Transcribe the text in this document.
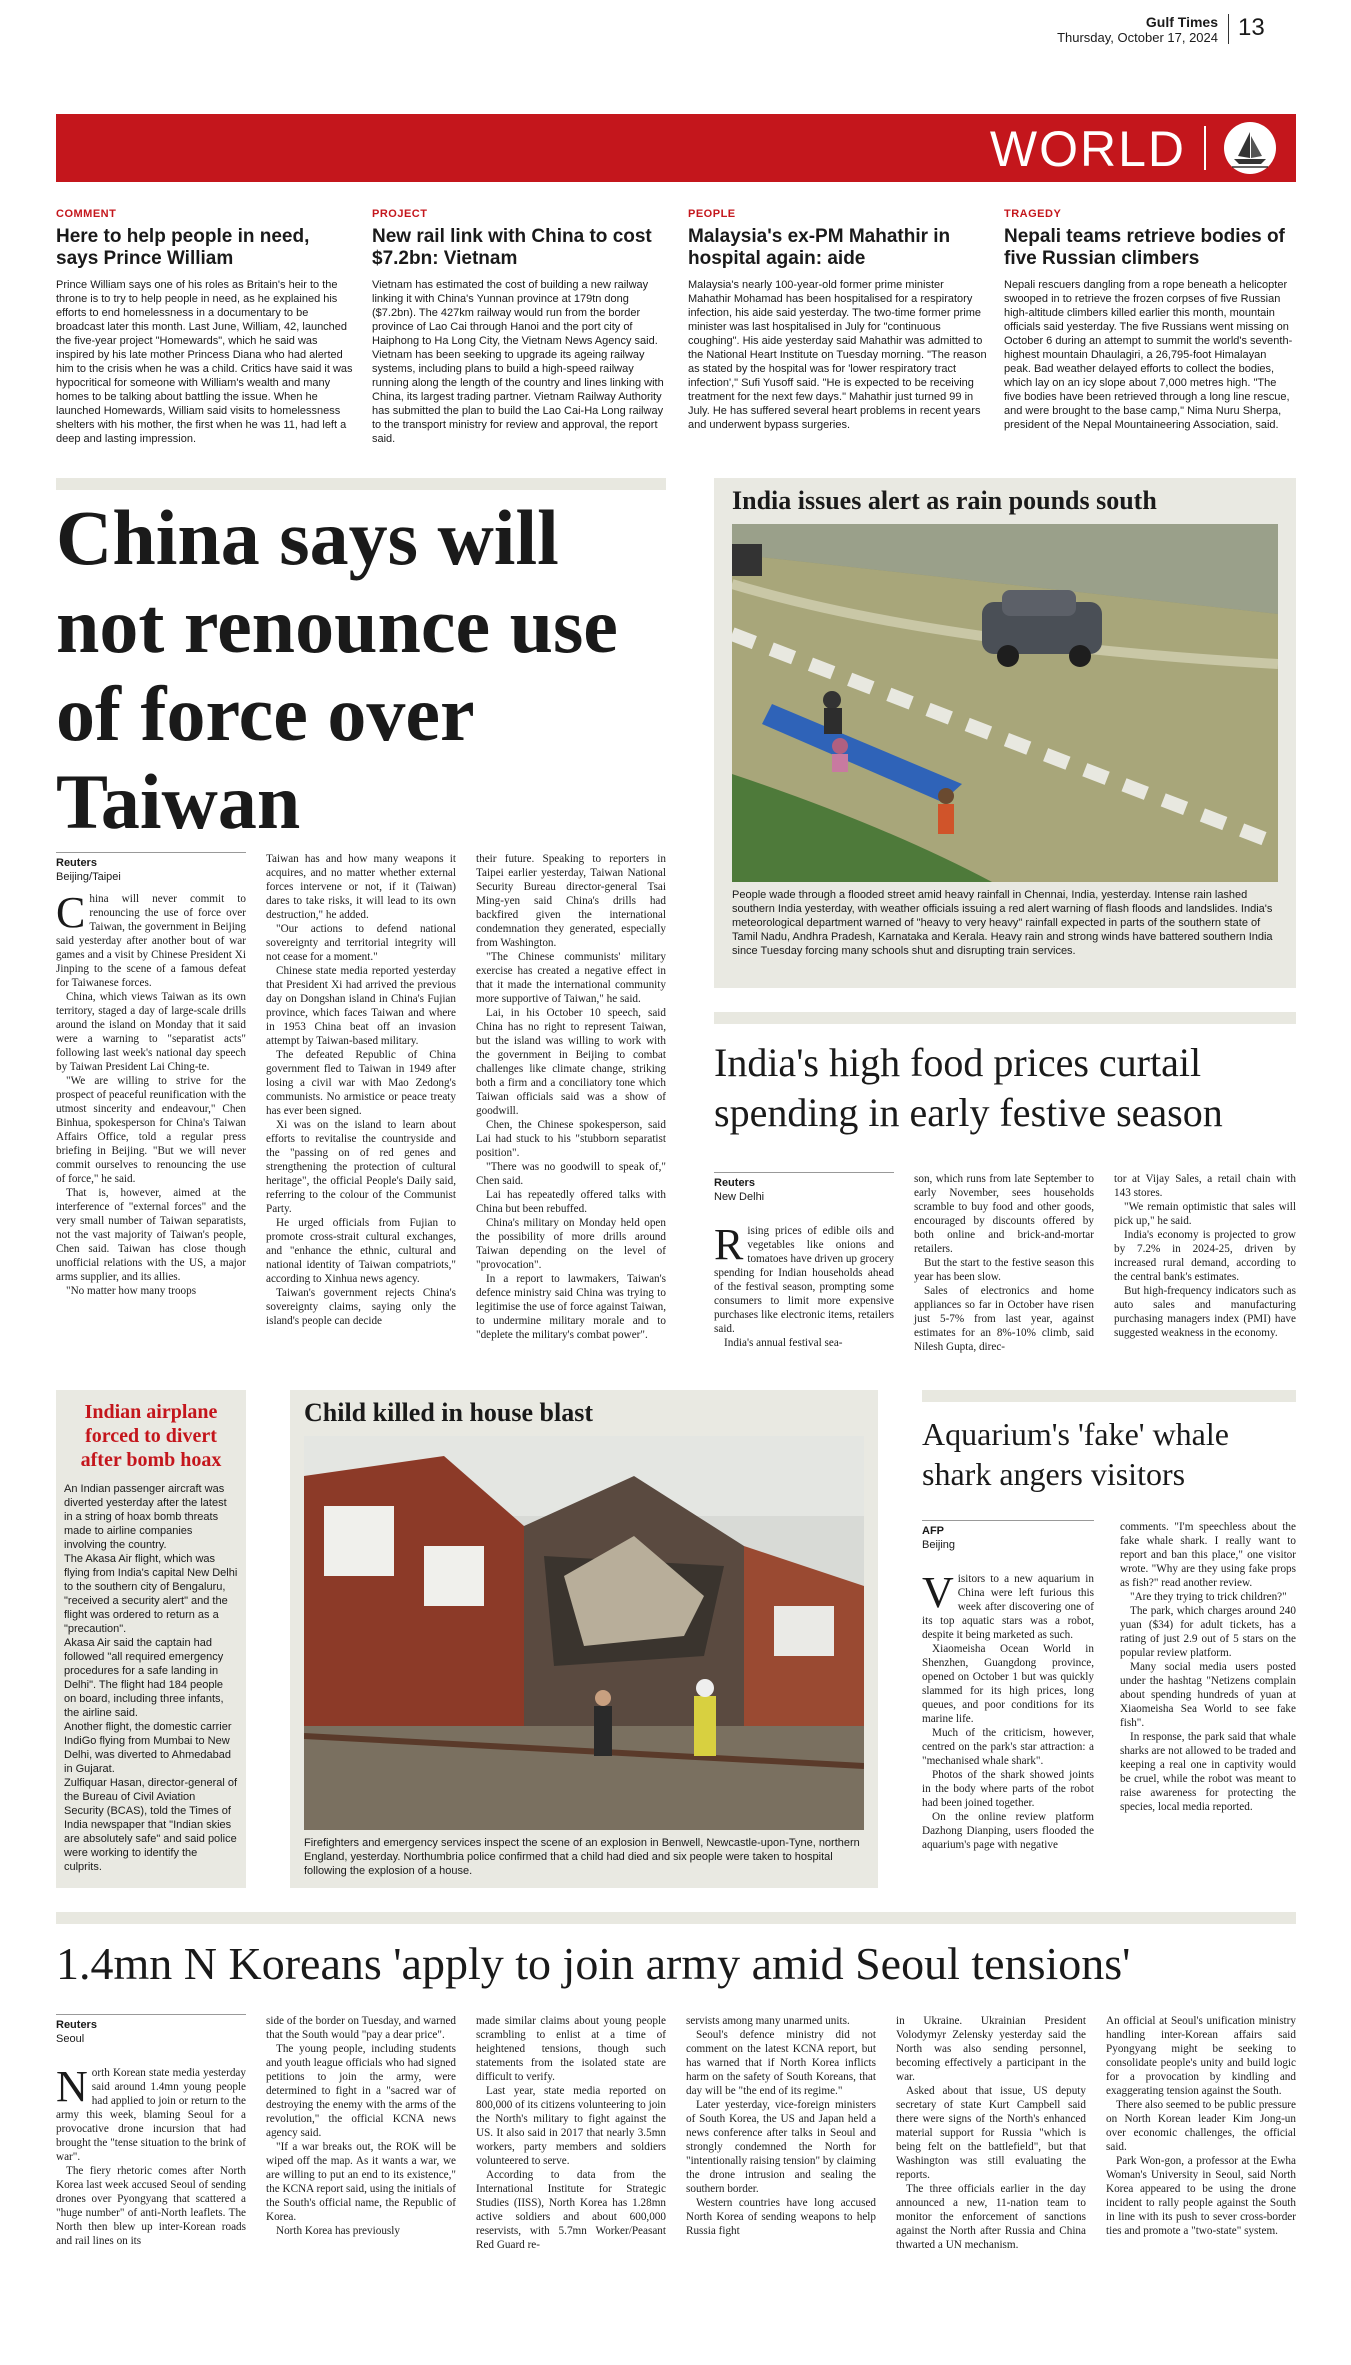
Gulf Times
Thursday, October 17, 2024 13
WORLD
COMMENT
Here to help people in need, says Prince William
Prince William says one of his roles as Britain's heir to the throne is to try to help people in need, as he explained his efforts to end homelessness in a documentary to be broadcast later this month. Last June, William, 42, launched the five-year project "Homewards", which he said was inspired by his late mother Princess Diana who had alerted him to the crisis when he was a child. Critics have said it was hypocritical for someone with William's wealth and many homes to be talking about battling the issue. When he launched Homewards, William said visits to homelessness shelters with his mother, the first when he was 11, had left a deep and lasting impression.
PROJECT
New rail link with China to cost $7.2bn: Vietnam
Vietnam has estimated the cost of building a new railway linking it with China's Yunnan province at 179tn dong ($7.2bn). The 427km railway would run from the border province of Lao Cai through Hanoi and the port city of Haiphong to Ha Long City, the Vietnam News Agency said. Vietnam has been seeking to upgrade its ageing railway systems, including plans to build a high-speed railway running along the length of the country and lines linking with China, its largest trading partner. Vietnam Railway Authority has submitted the plan to build the Lao Cai-Ha Long railway to the transport ministry for review and approval, the report said.
PEOPLE
Malaysia's ex-PM Mahathir in hospital again: aide
Malaysia's nearly 100-year-old former prime minister Mahathir Mohamad has been hospitalised for a respiratory infection, his aide said yesterday. The two-time former prime minister was last hospitalised in July for "continuous coughing". His aide yesterday said Mahathir was admitted to the National Heart Institute on Tuesday morning. "The reason as stated by the hospital was for 'lower respiratory tract infection'," Sufi Yusoff said. "He is expected to be receiving treatment for the next few days." Mahathir just turned 99 in July. He has suffered several heart problems in recent years and underwent bypass surgeries.
TRAGEDY
Nepali teams retrieve bodies of five Russian climbers
Nepali rescuers dangling from a rope beneath a helicopter swooped in to retrieve the frozen corpses of five Russian high-altitude climbers killed earlier this month, mountain officials said yesterday. The five Russians went missing on October 6 during an attempt to summit the world's seventh-highest mountain Dhaulagiri, a 26,795-foot Himalayan peak. Bad weather delayed efforts to collect the bodies, which lay on an icy slope about 7,000 metres high. "The five bodies have been retrieved through a long line rescue, and were brought to the base camp," Nima Nuru Sherpa, president of the Nepal Mountaineering Association, said.
China says will not renounce use of force over Taiwan
Reuters
Beijing/Taipei

China will never commit to renouncing the use of force over Taiwan, the government in Beijing said yesterday after another bout of war games and a visit by Chinese President Xi Jinping to the scene of a famous defeat for Taiwanese forces.

China, which views Taiwan as its own territory, staged a day of large-scale drills around the island on Monday that it said were a warning to "separatist acts" following last week's national day speech by Taiwan President Lai Ching-te.

"We are willing to strive for the prospect of peaceful reunification with the utmost sincerity and endeavour," Chen Binhua, spokesperson for China's Taiwan Affairs Office, told a regular press briefing in Beijing. "But we will never commit ourselves to renouncing the use of force," he said.

That is, however, aimed at the interference of "external forces" and the very small number of Taiwan separatists, not the vast majority of Taiwan's people, Chen said. Taiwan has close though unofficial relations with the US, a major arms supplier, and its allies.

"No matter how many troops

Taiwan has and how many weapons it acquires, and no matter whether external forces intervene or not, if it (Taiwan) dares to take risks, it will lead to its own destruction," he added.

"Our actions to defend national sovereignty and territorial integrity will not cease for a moment."

Chinese state media reported yesterday that President Xi had arrived the previous day on Dongshan island in China's Fujian province, which faces Taiwan and where in 1953 China beat off an invasion attempt by Taiwan-based military.

The defeated Republic of China government fled to Taiwan in 1949 after losing a civil war with Mao Zedong's communists. No armistice or peace treaty has ever been signed.

Xi was on the island to learn about efforts to revitalise the countryside and the "passing on of red genes and strengthening the protection of cultural heritage", the official People's Daily said, referring to the colour of the Communist Party.

He urged officials from Fujian to promote cross-strait cultural exchanges, and "enhance the ethnic, cultural and national identity of Taiwan compatriots," according to Xinhua news agency.

Taiwan's government rejects China's sovereignty claims, saying only the island's people can decide

their future. Speaking to reporters in Taipei earlier yesterday, Taiwan National Security Bureau director-general Tsai Ming-yen said China's drills had backfired given the international condemnation they generated, especially from Washington.

"The Chinese communists' military exercise has created a negative effect in that it made the international community more supportive of Taiwan," he said.

Lai, in his October 10 speech, said China has no right to represent Taiwan, but the island was willing to work with the government in Beijing to combat challenges like climate change, striking both a firm and a conciliatory tone which Taiwan officials said was a show of goodwill.

Chen, the Chinese spokesperson, said Lai had stuck to his "stubborn separatist position".

"There was no goodwill to speak of," Chen said.

Lai has repeatedly offered talks with China but been rebuffed.

China's military on Monday held open the possibility of more drills around Taiwan depending on the level of "provocation".

In a report to lawmakers, Taiwan's defence ministry said China was trying to legitimise the use of force against Taiwan, to undermine military morale and to "deplete the military's combat power".

India issues alert as rain pounds south
People wade through a flooded street amid heavy rainfall in Chennai, India, yesterday. Intense rain lashed southern India yesterday, with weather officials issuing a red alert warning of flash floods and landslides. India's meteorological department warned of "heavy to very heavy" rainfall expected in parts of the southern state of Tamil Nadu, Andhra Pradesh, Karnataka and Kerala. Heavy rain and strong winds have battered southern India since Tuesday forcing many schools shut and disrupting train services.
India's high food prices curtail spending in early festive season
Reuters
New Delhi

Rising prices of edible oils and vegetables like onions and tomatoes have driven up grocery spending for Indian households ahead of the festival season, prompting some consumers to limit more expensive purchases like electronic items, retailers said.

India's annual festival sea-

son, which runs from late September to early November, sees households scramble to buy food and other goods, encouraged by discounts offered by both online and brick-and-mortar retailers.

But the start to the festive season this year has been slow.

Sales of electronics and home appliances so far in October have risen just 5-7% from last year, against estimates for an 8%-10% climb, said Nilesh Gupta, direc-

tor at Vijay Sales, a retail chain with 143 stores.

"We remain optimistic that sales will pick up," he said.

India's economy is projected to grow by 7.2% in 2024-25, driven by increased rural demand, according to the central bank's estimates.

But high-frequency indicators such as auto sales and manufacturing purchasing managers index (PMI) have suggested weakness in the economy.

Indian airplane forced to divert after bomb hoax

An Indian passenger aircraft was diverted yesterday after the latest in a string of hoax bomb threats made to airline companies involving the country.

The Akasa Air flight, which was flying from India's capital New Delhi to the southern city of Bengaluru, "received a security alert" and the flight was ordered to return as a "precaution".

Akasa Air said the captain had followed "all required emergency procedures for a safe landing in Delhi". The flight had 184 people on board, including three infants, the airline said.

Another flight, the domestic carrier IndiGo flying from Mumbai to New Delhi, was diverted to Ahmedabad in Gujarat.

Zulfiquar Hasan, director-general of the Bureau of Civil Aviation Security (BCAS), told the Times of India newspaper that "Indian skies are absolutely safe" and said police were working to identify the culprits.

Child killed in house blast
Firefighters and emergency services inspect the scene of an explosion in Benwell, Newcastle-upon-Tyne, northern England, yesterday. Northumbria police confirmed that a child had died and six people were taken to hospital following the explosion of a house.
Aquarium's 'fake' whale shark angers visitors
AFP
Beijing

Visitors to a new aquarium in China were left furious this week after discovering one of its top aquatic stars was a robot, despite it being marketed as such.

Xiaomeisha Ocean World in Shenzhen, Guangdong province, opened on October 1 but was quickly slammed for its high prices, long queues, and poor conditions for its marine life.

Much of the criticism, however, centred on the park's star attraction: a "mechanised whale shark".

Photos of the shark showed joints in the body where parts of the robot had been joined together.

On the online review platform Dazhong Dianping, users flooded the aquarium's page with negative

comments. "I'm speechless about the fake whale shark. I really want to report and ban this place," one visitor wrote. "Why are they using fake props as fish?" read another review.

"Are they trying to trick children?"

The park, which charges around 240 yuan ($34) for adult tickets, has a rating of just 2.9 out of 5 stars on the popular review platform.

Many social media users posted under the hashtag "Netizens complain about spending hundreds of yuan at Xiaomeisha Sea World to see fake fish".

In response, the park said that whale sharks are not allowed to be traded and keeping a real one in captivity would be cruel, while the robot was meant to raise awareness for protecting the species, local media reported.

1.4mn N Koreans 'apply to join army amid Seoul tensions'
Reuters
Seoul

North Korean state media yesterday said around 1.4mn young people had applied to join or return to the army this week, blaming Seoul for a provocative drone incursion that had brought the "tense situation to the brink of war".

The fiery rhetoric comes after North Korea last week accused Seoul of sending drones over Pyongyang that scattered a "huge number" of anti-North leaflets. The North then blew up inter-Korean roads and rail lines on its

side of the border on Tuesday, and warned that the South would "pay a dear price".

The young people, including students and youth league officials who had signed petitions to join the army, were determined to fight in a "sacred war of destroying the enemy with the arms of the revolution," the official KCNA news agency said.

"If a war breaks out, the ROK will be wiped off the map. As it wants a war, we are willing to put an end to its existence," the KCNA report said, using the initials of the South's official name, the Republic of Korea.

North Korea has previously

made similar claims about young people scrambling to enlist at a time of heightened tensions, though such statements from the isolated state are difficult to verify.

Last year, state media reported on 800,000 of its citizens volunteering to join the North's military to fight against the US. It also said in 2017 that nearly 3.5mn workers, party members and soldiers volunteered to serve.

According to data from the International Institute for Strategic Studies (IISS), North Korea has 1.28mn active soldiers and about 600,000 reservists, with 5.7mn Worker/Peasant Red Guard re-

servists among many unarmed units.

Seoul's defence ministry did not comment on the latest KCNA report, but has warned that if North Korea inflicts harm on the safety of South Koreans, that day will be "the end of its regime."

Later yesterday, vice-foreign ministers of South Korea, the US and Japan held a news conference after talks in Seoul and strongly condemned the North for "intentionally raising tension" by claiming the drone intrusion and sealing the southern border.

Western countries have long accused North Korea of sending weapons to help Russia fight

in Ukraine. Ukrainian President Volodymyr Zelensky yesterday said the North was also sending personnel, becoming effectively a participant in the war.

Asked about that issue, US deputy secretary of state Kurt Campbell said there were signs of the North's enhanced material support for Russia "which is being felt on the battlefield", but that Washington was still evaluating the reports.

The three officials earlier in the day announced a new, 11-nation team to monitor the enforcement of sanctions against the North after Russia and China thwarted a UN mechanism.

An official at Seoul's unification ministry handling inter-Korean affairs said Pyongyang might be seeking to consolidate people's unity and build logic for a provocation by kindling and exaggerating tension against the South.

There also seemed to be public pressure on North Korean leader Kim Jong-un over economic challenges, the official said.

Park Won-gon, a professor at the Ewha Woman's University in Seoul, said North Korea appeared to be using the drone incident to rally people against the South in line with its push to sever cross-border ties and promote a "two-state" system.
